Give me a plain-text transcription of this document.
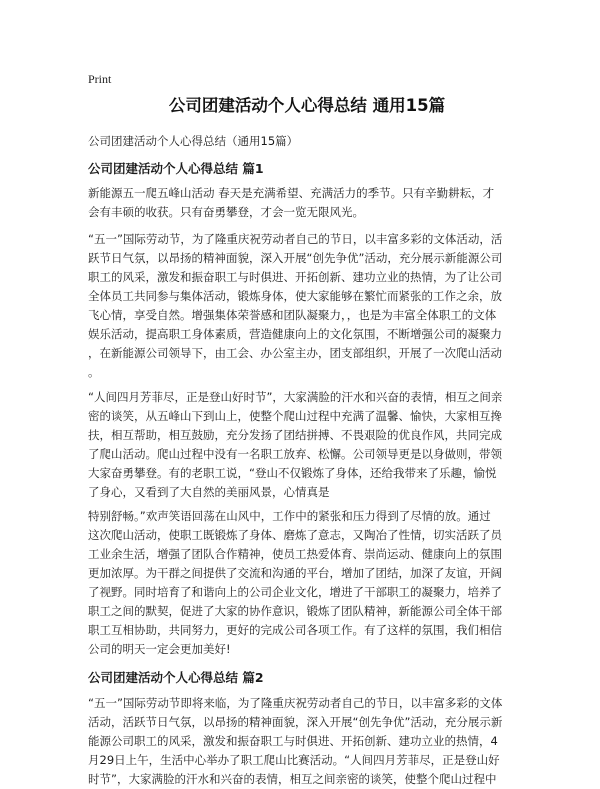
Print
公司团建活动个人心得总结 通用15篇
公司团建活动个人心得总结（通用15篇）
公司团建活动个人心得总结 篇1
新能源五一爬五峰山活动 春天是充满希望、充满活力的季节。只有辛勤耕耘，才
会有丰硕的收获。只有奋勇攀登，才会一览无限风光。
“五一”国际劳动节，为了隆重庆祝劳动者自己的节日，以丰富多彩的文体活动，活
跃节日气氛，以昂扬的精神面貌，深入开展“创先争优”活动，充分展示新能源公司
职工的风采，激发和振奋职工与时俱进、开拓创新、建功立业的热情，为了让公司
全体员工共同参与集体活动，锻炼身体，使大家能够在繁忙而紧张的工作之余，放
飞心情，享受自然。增强集体荣誉感和团队凝聚力，，也是为丰富全体职工的文体
娱乐活动，提高职工身体素质，营造健康向上的文化氛围，不断增强公司的凝聚力
，在新能源公司领导下，由工会、办公室主办，团支部组织，开展了一次爬山活动
。
“人间四月芳菲尽，正是登山好时节”，大家满脸的汗水和兴奋的表情，相互之间亲
密的谈笑，从五峰山下到山上，使整个爬山过程中充满了温馨、愉快，大家相互搀
扶，相互帮助，相互鼓励，充分发扬了团结拼搏、不畏艰险的优良作风，共同完成
了爬山活动。爬山过程中没有一名职工放弃、松懈。公司领导更是以身做则，带领
大家奋勇攀登。有的老职工说，“登山不仅锻炼了身体，还给我带来了乐趣，愉悦
了身心，又看到了大自然的美丽风景，心情真是
特别舒畅。”欢声笑语回荡在山风中，工作中的紧张和压力得到了尽情的放。通过
这次爬山活动，使职工既锻炼了身体、磨炼了意志，又陶冶了性情，切实活跃了员
工业余生活，增强了团队合作精神，使员工热爱体育、崇尚运动、健康向上的氛围
更加浓厚。为干群之间提供了交流和沟通的平台，增加了团结，加深了友谊，开阔
了视野。同时培育了和谐向上的公司企业文化，增进了干部职工的凝聚力，培养了
职工之间的默契，促进了大家的协作意识，锻炼了团队精神，新能源公司全体干部
职工互相协助，共同努力，更好的完成公司各项工作。有了这样的氛围，我们相信
公司的明天一定会更加美好!
公司团建活动个人心得总结 篇2
“五一”国际劳动节即将来临，为了隆重庆祝劳动者自己的节日，以丰富多彩的文体
活动，活跃节日气氛，以昂扬的精神面貌，深入开展“创先争优”活动，充分展示新
能源公司职工的风采，激发和振奋职工与时俱进、开拓创新、建功立业的热情，4
月29日上午，生活中心举办了职工爬山比赛活动。“人间四月芳菲尽，正是登山好
时节”，大家满脸的汗水和兴奋的表情，相互之间亲密的谈笑，使整个爬山过程中
